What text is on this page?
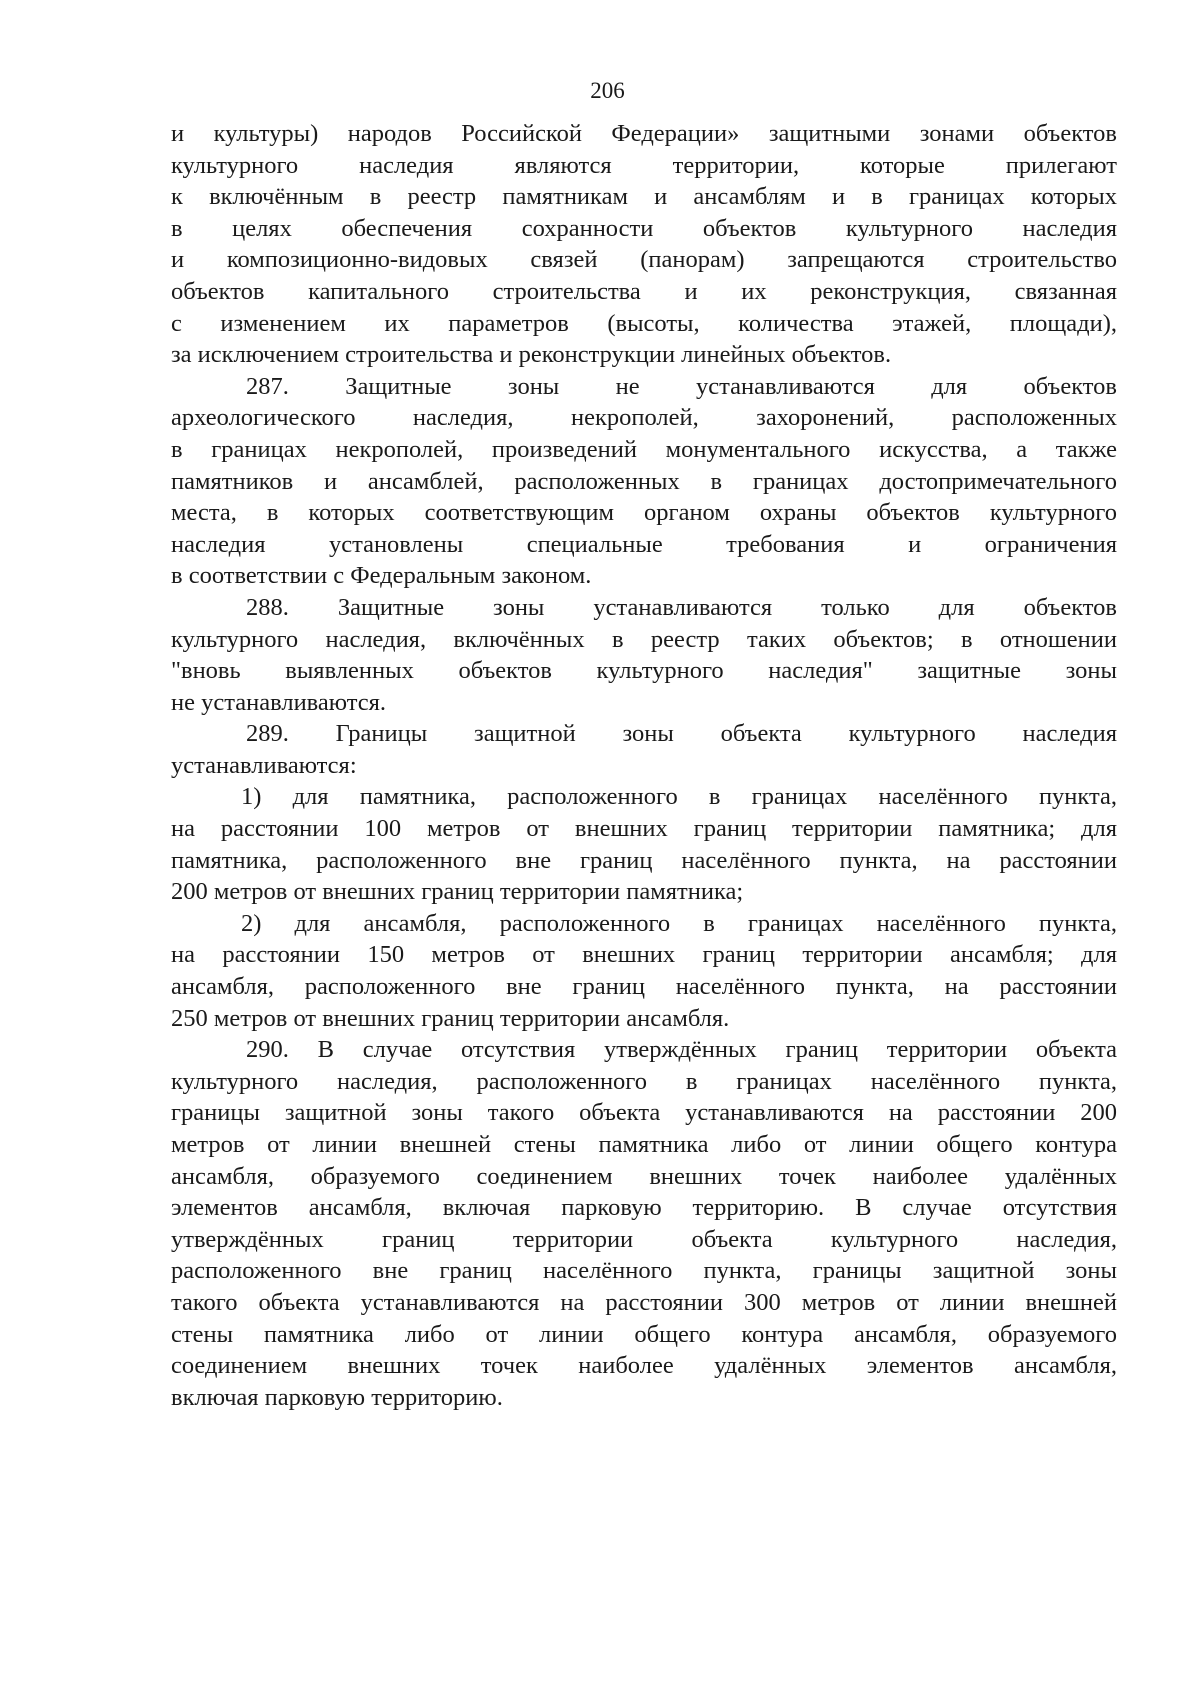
206
и культуры) народов Российской Федерации» защитными зонами объектов
культурного наследия являются территории, которые прилегают
к включённым в реестр памятникам и ансамблям и в границах которых
в целях обеспечения сохранности объектов культурного наследия
и композиционно-видовых связей (панорам) запрещаются строительство
объектов капитального строительства и их реконструкция, связанная
с изменением их параметров (высоты, количества этажей, площади),
за исключением строительства и реконструкции линейных объектов.
287. Защитные зоны не устанавливаются для объектов
археологического наследия, некрополей, захоронений, расположенных
в границах некрополей, произведений монументального искусства, а также
памятников и ансамблей, расположенных в границах достопримечательного
места, в которых соответствующим органом охраны объектов культурного
наследия установлены специальные требования и ограничения
в соответствии с Федеральным законом.
288. Защитные зоны устанавливаются только для объектов
культурного наследия, включённых в реестр таких объектов; в отношении
"вновь выявленных объектов культурного наследия" защитные зоны
не устанавливаются.
289. Границы защитной зоны объекта культурного наследия
устанавливаются:
1) для памятника, расположенного в границах населённого пункта,
на расстоянии 100 метров от внешних границ территории памятника; для
памятника, расположенного вне границ населённого пункта, на расстоянии
200 метров от внешних границ территории памятника;
2) для ансамбля, расположенного в границах населённого пункта,
на расстоянии 150 метров от внешних границ территории ансамбля; для
ансамбля, расположенного вне границ населённого пункта, на расстоянии
250 метров от внешних границ территории ансамбля.
290. В случае отсутствия утверждённых границ территории объекта
культурного наследия, расположенного в границах населённого пункта,
границы защитной зоны такого объекта устанавливаются на расстоянии 200
метров от линии внешней стены памятника либо от линии общего контура
ансамбля, образуемого соединением внешних точек наиболее удалённых
элементов ансамбля, включая парковую территорию. В случае отсутствия
утверждённых границ территории объекта культурного наследия,
расположенного вне границ населённого пункта, границы защитной зоны
такого объекта устанавливаются на расстоянии 300 метров от линии внешней
стены памятника либо от линии общего контура ансамбля, образуемого
соединением внешних точек наиболее удалённых элементов ансамбля,
включая парковую территорию.
